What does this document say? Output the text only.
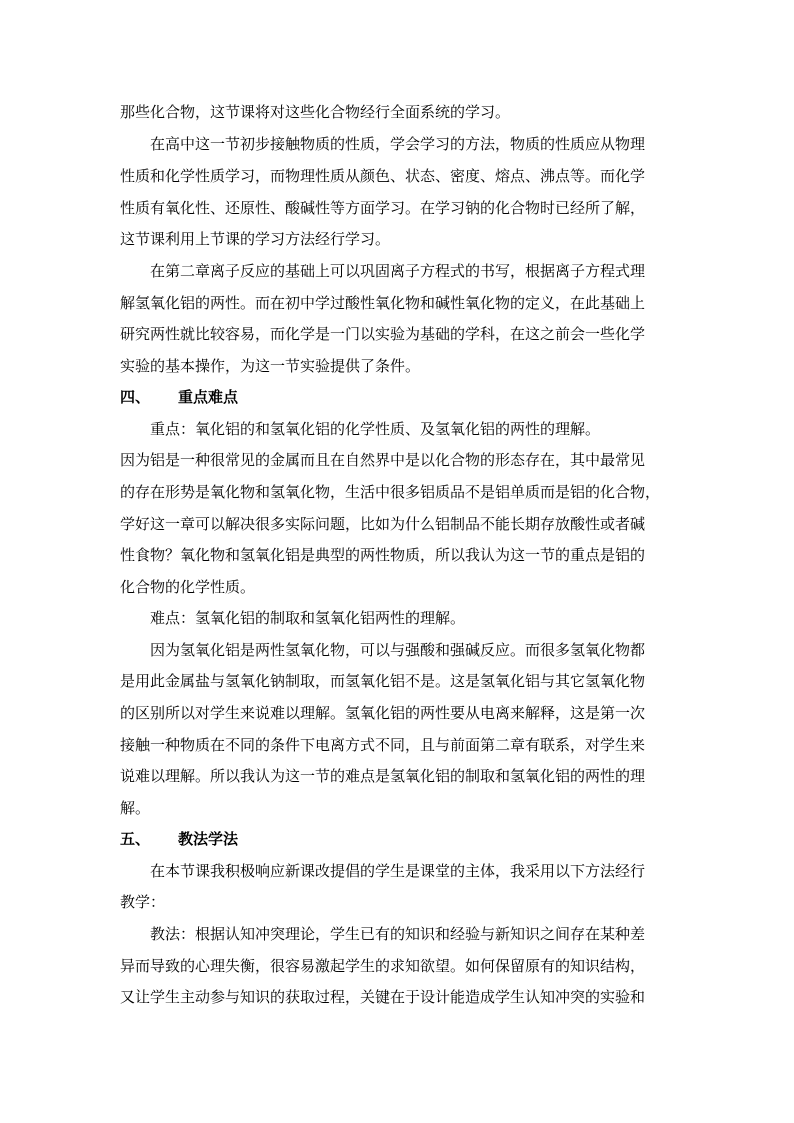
那些化合物，这节课将对这些化合物经行全面系统的学习。
在高中这一节初步接触物质的性质，学会学习的方法，物质的性质应从物理
性质和化学性质学习，而物理性质从颜色、状态、密度、熔点、沸点等。而化学
性质有氧化性、还原性、酸碱性等方面学习。在学习钠的化合物时已经所了解，
这节课利用上节课的学习方法经行学习。
在第二章离子反应的基础上可以巩固离子方程式的书写，根据离子方程式理
解氢氧化铝的两性。而在初中学过酸性氧化物和碱性氧化物的定义，在此基础上
研究两性就比较容易，而化学是一门以实验为基础的学科，在这之前会一些化学
实验的基本操作，为这一节实验提供了条件。
四、 重点难点
重点：氧化铝的和氢氧化铝的化学性质、及氢氧化铝的两性的理解。
因为铝是一种很常见的金属而且在自然界中是以化合物的形态存在，其中最常见
的存在形势是氧化物和氢氧化物，生活中很多铝质品不是铝单质而是铝的化合物，
学好这一章可以解决很多实际问题，比如为什么铝制品不能长期存放酸性或者碱
性食物？氧化物和氢氧化铝是典型的两性物质，所以我认为这一节的重点是铝的
化合物的化学性质。
难点：氢氧化铝的制取和氢氧化铝两性的理解。
因为氢氧化铝是两性氢氧化物，可以与强酸和强碱反应。而很多氢氧化物都
是用此金属盐与氢氧化钠制取，而氢氧化铝不是。这是氢氧化铝与其它氢氧化物
的区别所以对学生来说难以理解。氢氧化铝的两性要从电离来解释，这是第一次
接触一种物质在不同的条件下电离方式不同，且与前面第二章有联系，对学生来
说难以理解。所以我认为这一节的难点是氢氧化铝的制取和氢氧化铝的两性的理
解。
五、 教法学法
在本节课我积极响应新课改提倡的学生是课堂的主体，我采用以下方法经行
教学：
教法：根据认知冲突理论，学生已有的知识和经验与新知识之间存在某种差
异而导致的心理失衡，很容易激起学生的求知欲望。如何保留原有的知识结构，
又让学生主动参与知识的获取过程，关键在于设计能造成学生认知冲突的实验和
